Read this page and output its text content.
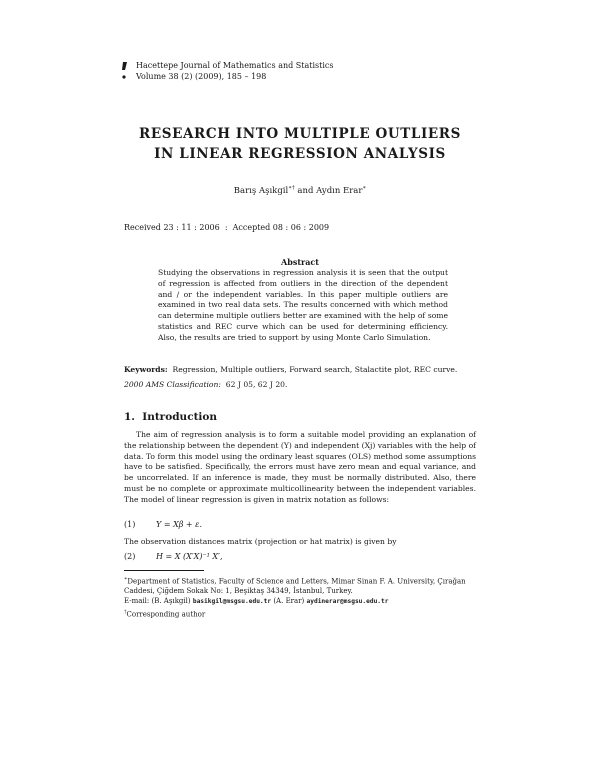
Hacettepe Journal of Mathematics and Statistics
Volume 38 (2) (2009), 185 – 198
RESEARCH INTO MULTIPLE OUTLIERS
IN LINEAR REGRESSION ANALYSIS
Barış Aşıkgil∗† and Aydın Erar∗
Received 23 : 11 : 2006  :  Accepted 08 : 06 : 2009
Abstract
Studying the observations in regression analysis it is seen that the output of regression is affected from outliers in the direction of the dependent and / or the independent variables. In this paper multiple outliers are examined in two real data sets. The results concerned with which method can determine multiple outliers better are examined with the help of some statistics and REC curve which can be used for determining efficiency. Also, the results are tried to support by using Monte Carlo Simulation.
Keywords: Regression, Multiple outliers, Forward search, Stalactite plot, REC curve.
2000 AMS Classification: 62 J 05, 62 J 20.
1. Introduction
The aim of regression analysis is to form a suitable model providing an explanation of the relationship between the dependent (Y) and independent (Xj) variables with the help of data. To form this model using the ordinary least squares (OLS) method some assumptions have to be satisfied. Specifically, the errors must have zero mean and equal variance, and be uncorrelated. If an inference is made, they must be normally distributed. Also, there must be no complete or approximate multicollinearity between the independent variables. The model of linear regression is given in matrix notation as follows:
(1)	Y = Xβ + ε.
The observation distances matrix (projection or hat matrix) is given by
(2)	H = X (X′X)⁻¹ X′,
∗Department of Statistics, Faculty of Science and Letters, Mimar Sinan F. A. University, Çırağan Caddesi, Çiğdem Sokak No: 1, Beşiktaş 34349, İstanbul, Turkey.
E-mail: (B. Aşıkgil) basikgil@msgsu.edu.tr (A. Erar) aydinerar@msgsu.edu.tr
†Corresponding author
